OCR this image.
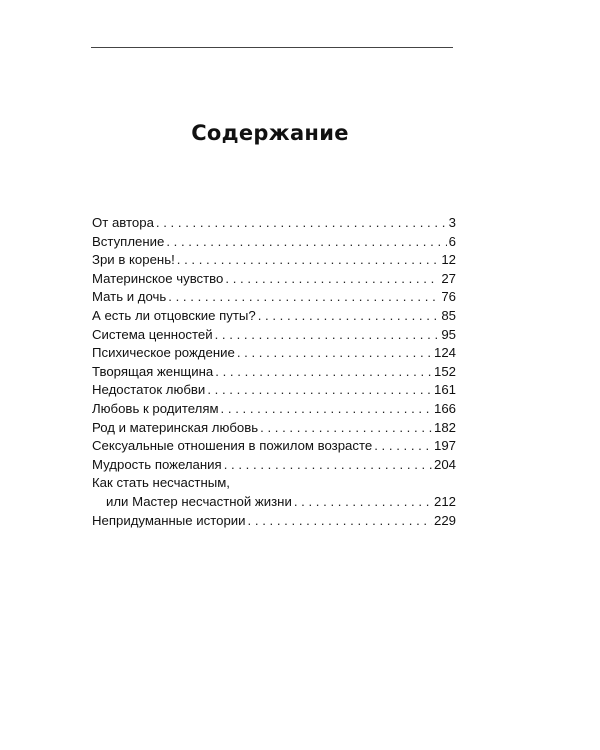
Содержание
От автора . . .	3
Вступление . . .	6
Зри в корень! . . .	12
Материнское чувство . . .	27
Мать и дочь . . .	76
А есть ли отцовские путы? . . .	85
Система ценностей . . .	95
Психическое рождение . . .	124
Творящая женщина . . .	152
Недостаток любви . . .	161
Любовь к родителям . . .	166
Род и материнская любовь . . .	182
Сексуальные отношения в пожилом возрасте . . .	197
Мудрость пожелания . . .	204
Как стать несчастным,
или Мастер несчастной жизни . . .	212
Непридуманные истории . . .	229
